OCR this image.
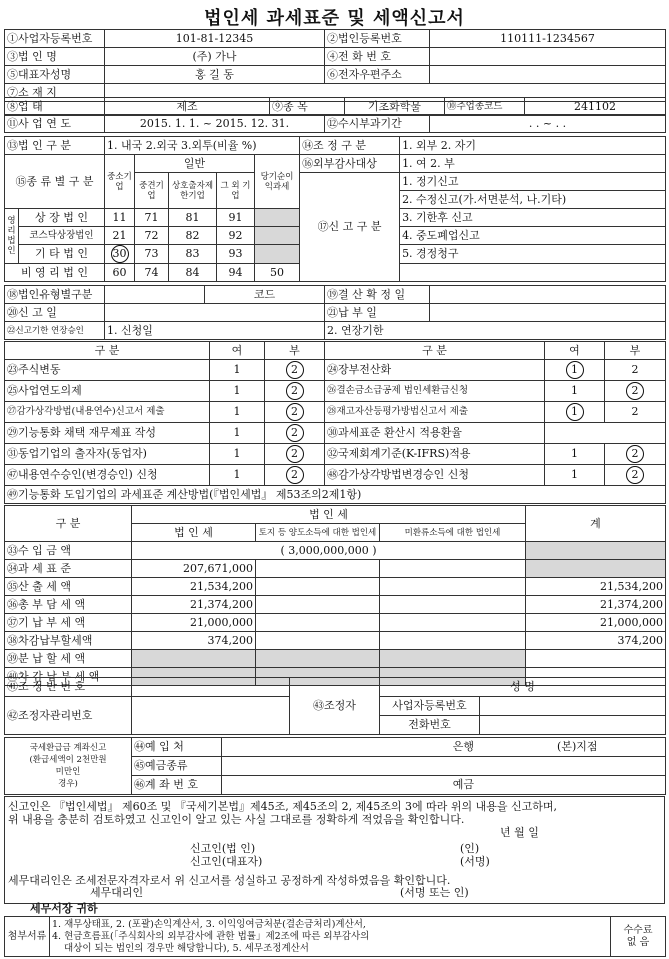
법인세 과세표준 및 세액신고서
①사업자등록번호	101-81-12345	②법인등록번호	110111-1234567
③법 인 명	(주) 가나	④전 화 번 호	
⑤대표자성명	홍 길 동	⑥전자우편주소	
⑦소 재 지			
⑧업 태	제조	⑨종 목	기초화학물	⑩주업종코드	241102
⑪사 업 연 도	2015. 1. 1. ~ 2015. 12. 31.	⑫수시부과기간	. . ~ . .
⑬법 인 구 분		1. 내국 2.외국 3.외투(비율 %)					⑭조 정 구 분	1. 외부 2. 자기
⑮종 류 별 구 분		중소기업	일반			당기순이익과세	⑯외부감사대상	1. 여 2. 부
			중견기업	상호출자제한기업	그 외 기업		⑰신 고 구 분	1. 정기신고
								2. 수정신고(가.서면분석, 나.기타)
영리법인	상 장 법 인	11	71	81	91			3. 기한후 신고
	코스닥상장법인	21	72	82	92			4. 중도폐업신고
	기 타 법 인	30	73	83	93			5. 경정청구
비 영 리 법 인		60	74	84	94	50		
⑱법인유형별구분		코드	⑲결 산 확 정 일	
⑳신 고 일			㉑납 부 일	
㉒신고기한 연장승인	1. 신청일		2. 연장기한	
구 분	여	부	구 분	여	부
㉓주식변동	1	2	㉔장부전산화	1	2
㉕사업연도의제	1	2	㉖결손금소급공제 법인세환급신청	1	2
㉗감가상각방법(내용연수)신고서 제출	1	2	㉘재고자산등평가방법신고서 제출	1	2
㉙기능통화 채택 재무제표 작성	1	2	㉚과세표준 환산시 적용환율		
㉛동업기업의 출자자(동업자)	1	2	㉜국제회계기준(K-IFRS)적용	1	2
㊼내용연수승인(변경승인) 신청	1	2	㊽감가상각방법변경승인 신청	1	2
㊾기능통화 도입기업의 과세표준 계산방법(『법인세법』 제53조의2제1항)					
구 분	법 인 세			계
	법 인 세	토지 등 양도소득에 대한 법인세	미환류소득에 대한 법인세	
㉝수 입 금 액	( 3,000,000,000 )			
㉞과 세 표 준	207,671,000			
㉟산 출 세 액	21,534,200			21,534,200
㊱총 부 담 세 액	21,374,200			21,374,200
㊲기 납 부 세 액	21,000,000			21,000,000
㊳차감납부할세액	374,200			374,200
㊴분 납 할 세 액				
㊵차 감 납 부 세 액				
㊶조 정 반 번 호		㊸조정자	성 명	
㊷조정자관리번호			사업자등록번호	
			전화번호	
국세환급금 계좌신고
(환급세액이 2천만원
미만인
경우)	㊹예 입 처	은행 (본)지점
	㊺예금종류	
	㊻계 좌 번 호	예금
신고인은 『법인세법』 제60조 및 『국세기본법』제45조, 제45조의 2, 제45조의 3에 따라 위의 내용을 신고하며,
위 내용을 충분히 검토하였고 신고인이 알고 있는 사실 그대로를 정확하게 적었음을 확인합니다.
년 월 일
신고인(법 인)	(인)
신고인(대표자)	(서명)
세무대리인은 조세전문자격자로서 위 신고서를 성실하고 공정하게 작성하였음을 확인합니다.
세무대리인	(서명 또는 인)
세무서장 귀하
첨부서류	
1. 재무상태표, 2. (포괄)손익계산서, 3. 이익잉여금처분(결손금처리)계산서,
4. 현금흐름표(「주식회사의 외부감사에 관한 법률」제2조에 따른 외부감사의
대상이 되는 법인의 경우만 해당합니다), 5. 세무조정계산서

수수료
없 음
